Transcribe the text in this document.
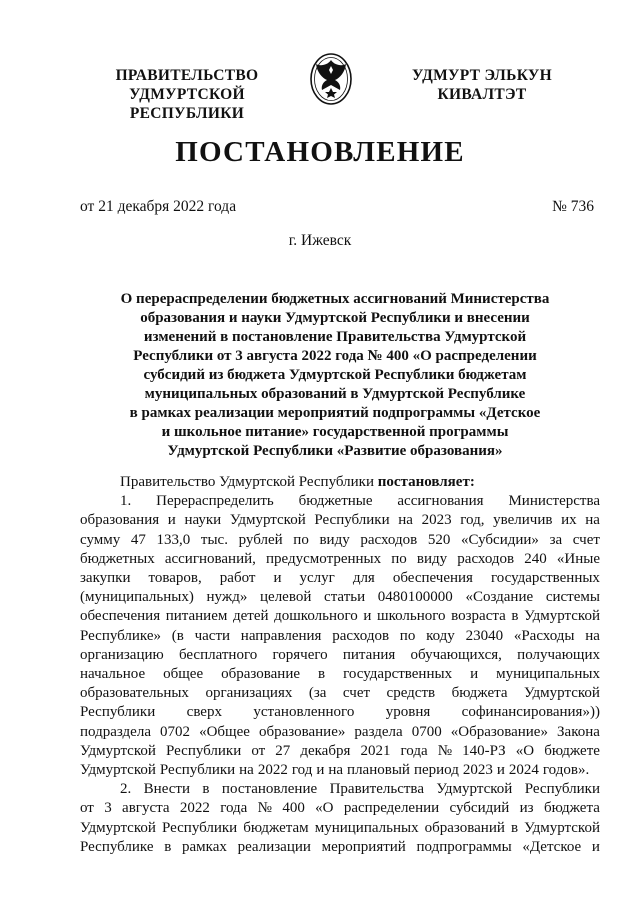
ПРАВИТЕЛЬСТВО
УДМУРТСКОЙ РЕСПУБЛИКИ
УДМУРТ ЭЛЬКУН
КИВАЛТЭТ
ПОСТАНОВЛЕНИЕ
от 21 декабря 2022 года	№ 736
г. Ижевск
О перераспределении бюджетных ассигнований Министерства
образования и науки Удмуртской Республики и внесении
изменений в постановление Правительства Удмуртской
Республики от 3 августа 2022 года № 400 «О распределении
субсидий из бюджета Удмуртской Республики бюджетам
муниципальных образований в Удмуртской Республике
в рамках реализации мероприятий подпрограммы «Детское
и школьное питание» государственной программы
Удмуртской Республики «Развитие образования»
Правительство Удмуртской Республики постановляет:
1. Перераспределить бюджетные ассигнования Министерства
образования и науки Удмуртской Республики на 2023 год, увеличив их на
сумму 47 133,0 тыс. рублей по виду расходов 520 «Субсидии» за счет
бюджетных ассигнований, предусмотренных по виду расходов 240 «Иные
закупки товаров, работ и услуг для обеспечения государственных
(муниципальных) нужд» целевой статьи 0480100000 «Создание системы
обеспечения питанием детей дошкольного и школьного возраста в Удмуртской
Республике» (в части направления расходов по коду 23040 «Расходы на
организацию бесплатного горячего питания обучающихся, получающих
начальное общее образование в государственных и муниципальных
образовательных организациях (за счет средств бюджета Удмуртской
Республики сверх установленного уровня софинансирования»))
подраздела 0702 «Общее образование» раздела 0700 «Образование» Закона
Удмуртской Республики от 27 декабря 2021 года № 140-РЗ «О бюджете
Удмуртской Республики на 2022 год и на плановый период 2023 и 2024 годов».
2. Внести в постановление Правительства Удмуртской Республики
от 3 августа 2022 года № 400 «О распределении субсидий из бюджета
Удмуртской Республики бюджетам муниципальных образований в Удмуртской
Республике в рамках реализации мероприятий подпрограммы «Детское и
